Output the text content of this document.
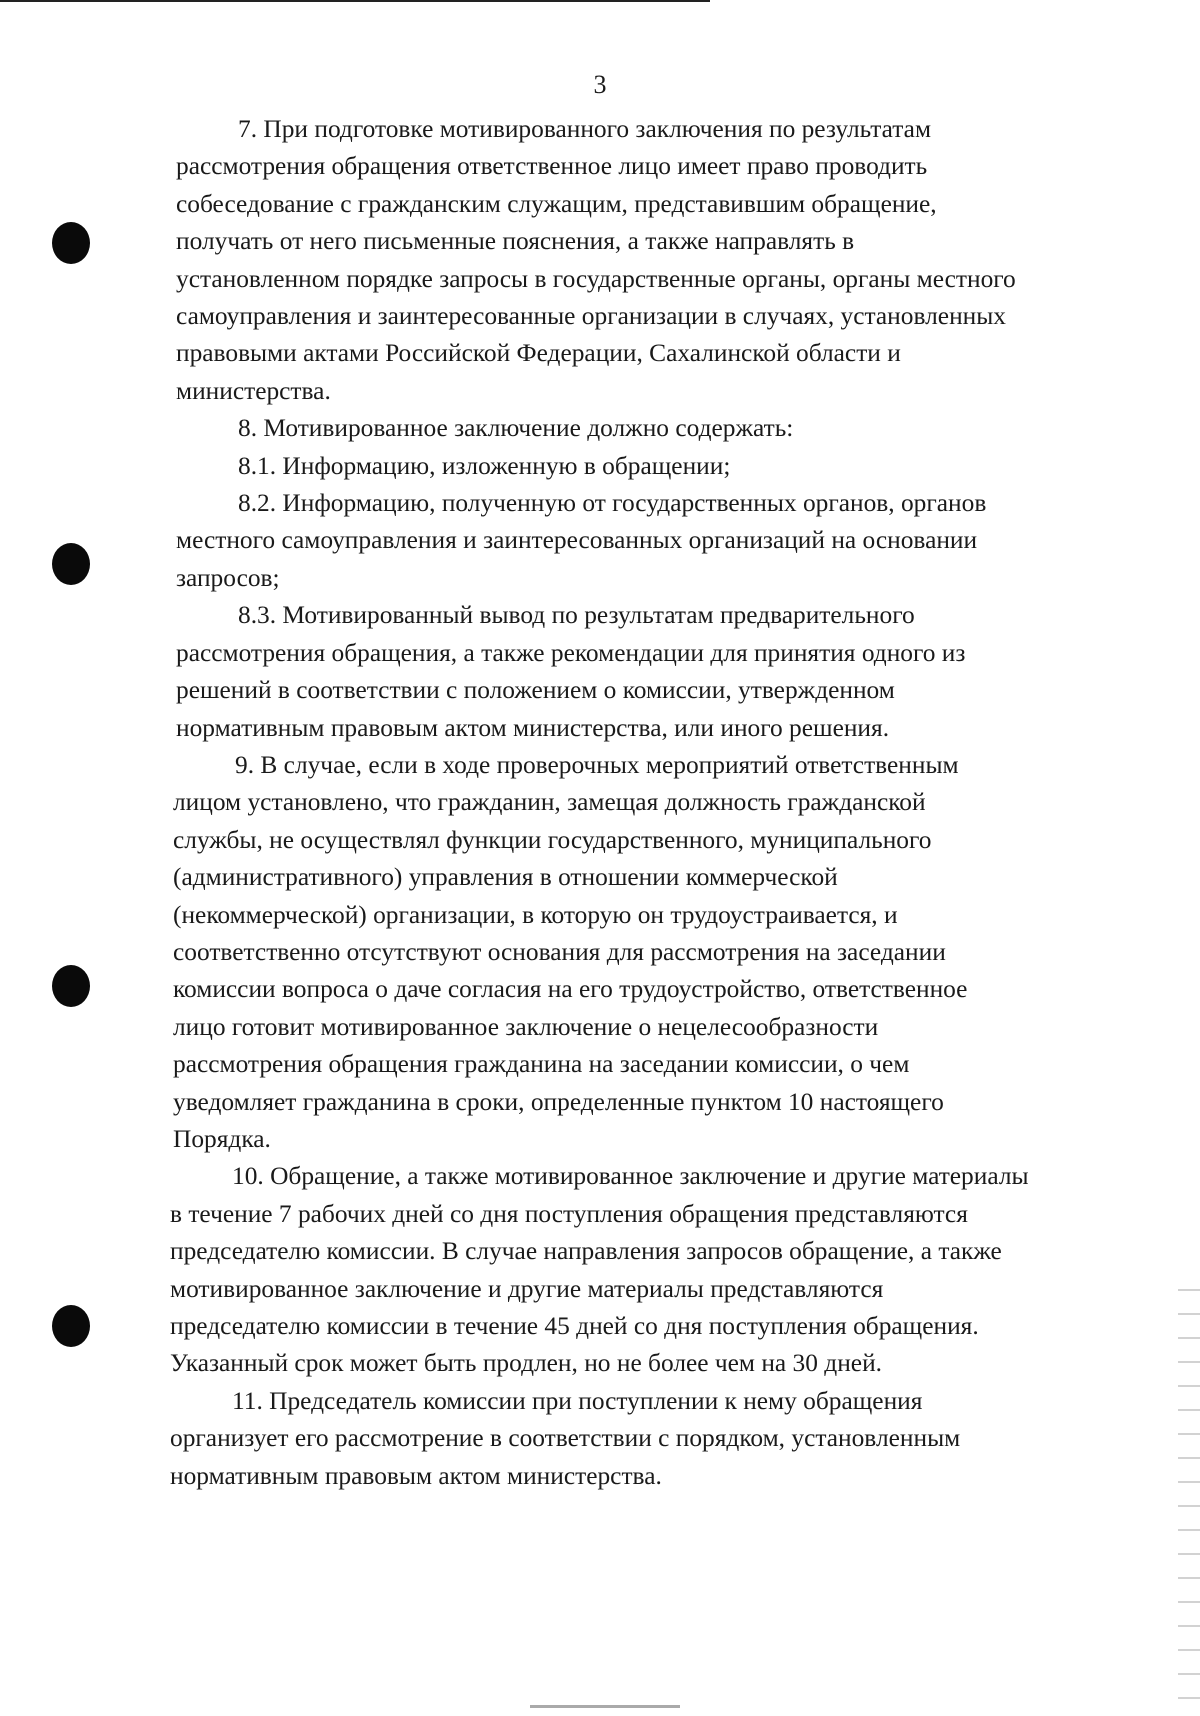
3

7. При подготовке мотивированного заключения по результатам
рассмотрения обращения ответственное лицо имеет право проводить
собеседование с гражданским служащим, представившим обращение,
получать от него письменные пояснения, а также направлять в
установленном порядке запросы в государственные органы, органы местного
самоуправления и заинтересованные организации в случаях, установленных
правовыми актами Российской Федерации, Сахалинской области и
министерства.

8. Мотивированное заключение должно содержать:

8.1. Информацию, изложенную в обращении;

8.2. Информацию, полученную от государственных органов, органов
местного самоуправления и заинтересованных организаций на основании
запросов;

8.3. Мотивированный вывод по результатам предварительного
рассмотрения обращения, а также рекомендации для принятия одного из
решений в соответствии с положением о комиссии, утвержденном
нормативным правовым актом министерства, или иного решения.

9. В случае, если в ходе проверочных мероприятий ответственным
лицом установлено, что гражданин, замещая должность гражданской
службы, не осуществлял функции государственного, муниципального
(административного) управления в отношении коммерческой
(некоммерческой) организации, в которую он трудоустраивается, и
соответственно отсутствуют основания для рассмотрения на заседании
комиссии вопроса о даче согласия на его трудоустройство, ответственное
лицо готовит мотивированное заключение о нецелесообразности
рассмотрения обращения гражданина на заседании комиссии, о чем
уведомляет гражданина в сроки, определенные пунктом 10 настоящего
Порядка.

10. Обращение, а также мотивированное заключение и другие материалы
в течение 7 рабочих дней со дня поступления обращения представляются
председателю комиссии. В случае направления запросов обращение, а также
мотивированное заключение и другие материалы представляются
председателю комиссии в течение 45 дней со дня поступления обращения.
Указанный срок может быть продлен, но не более чем на 30 дней.

11. Председатель комиссии при поступлении к нему обращения
организует его рассмотрение в соответствии с порядком, установленным
нормативным правовым актом министерства.
